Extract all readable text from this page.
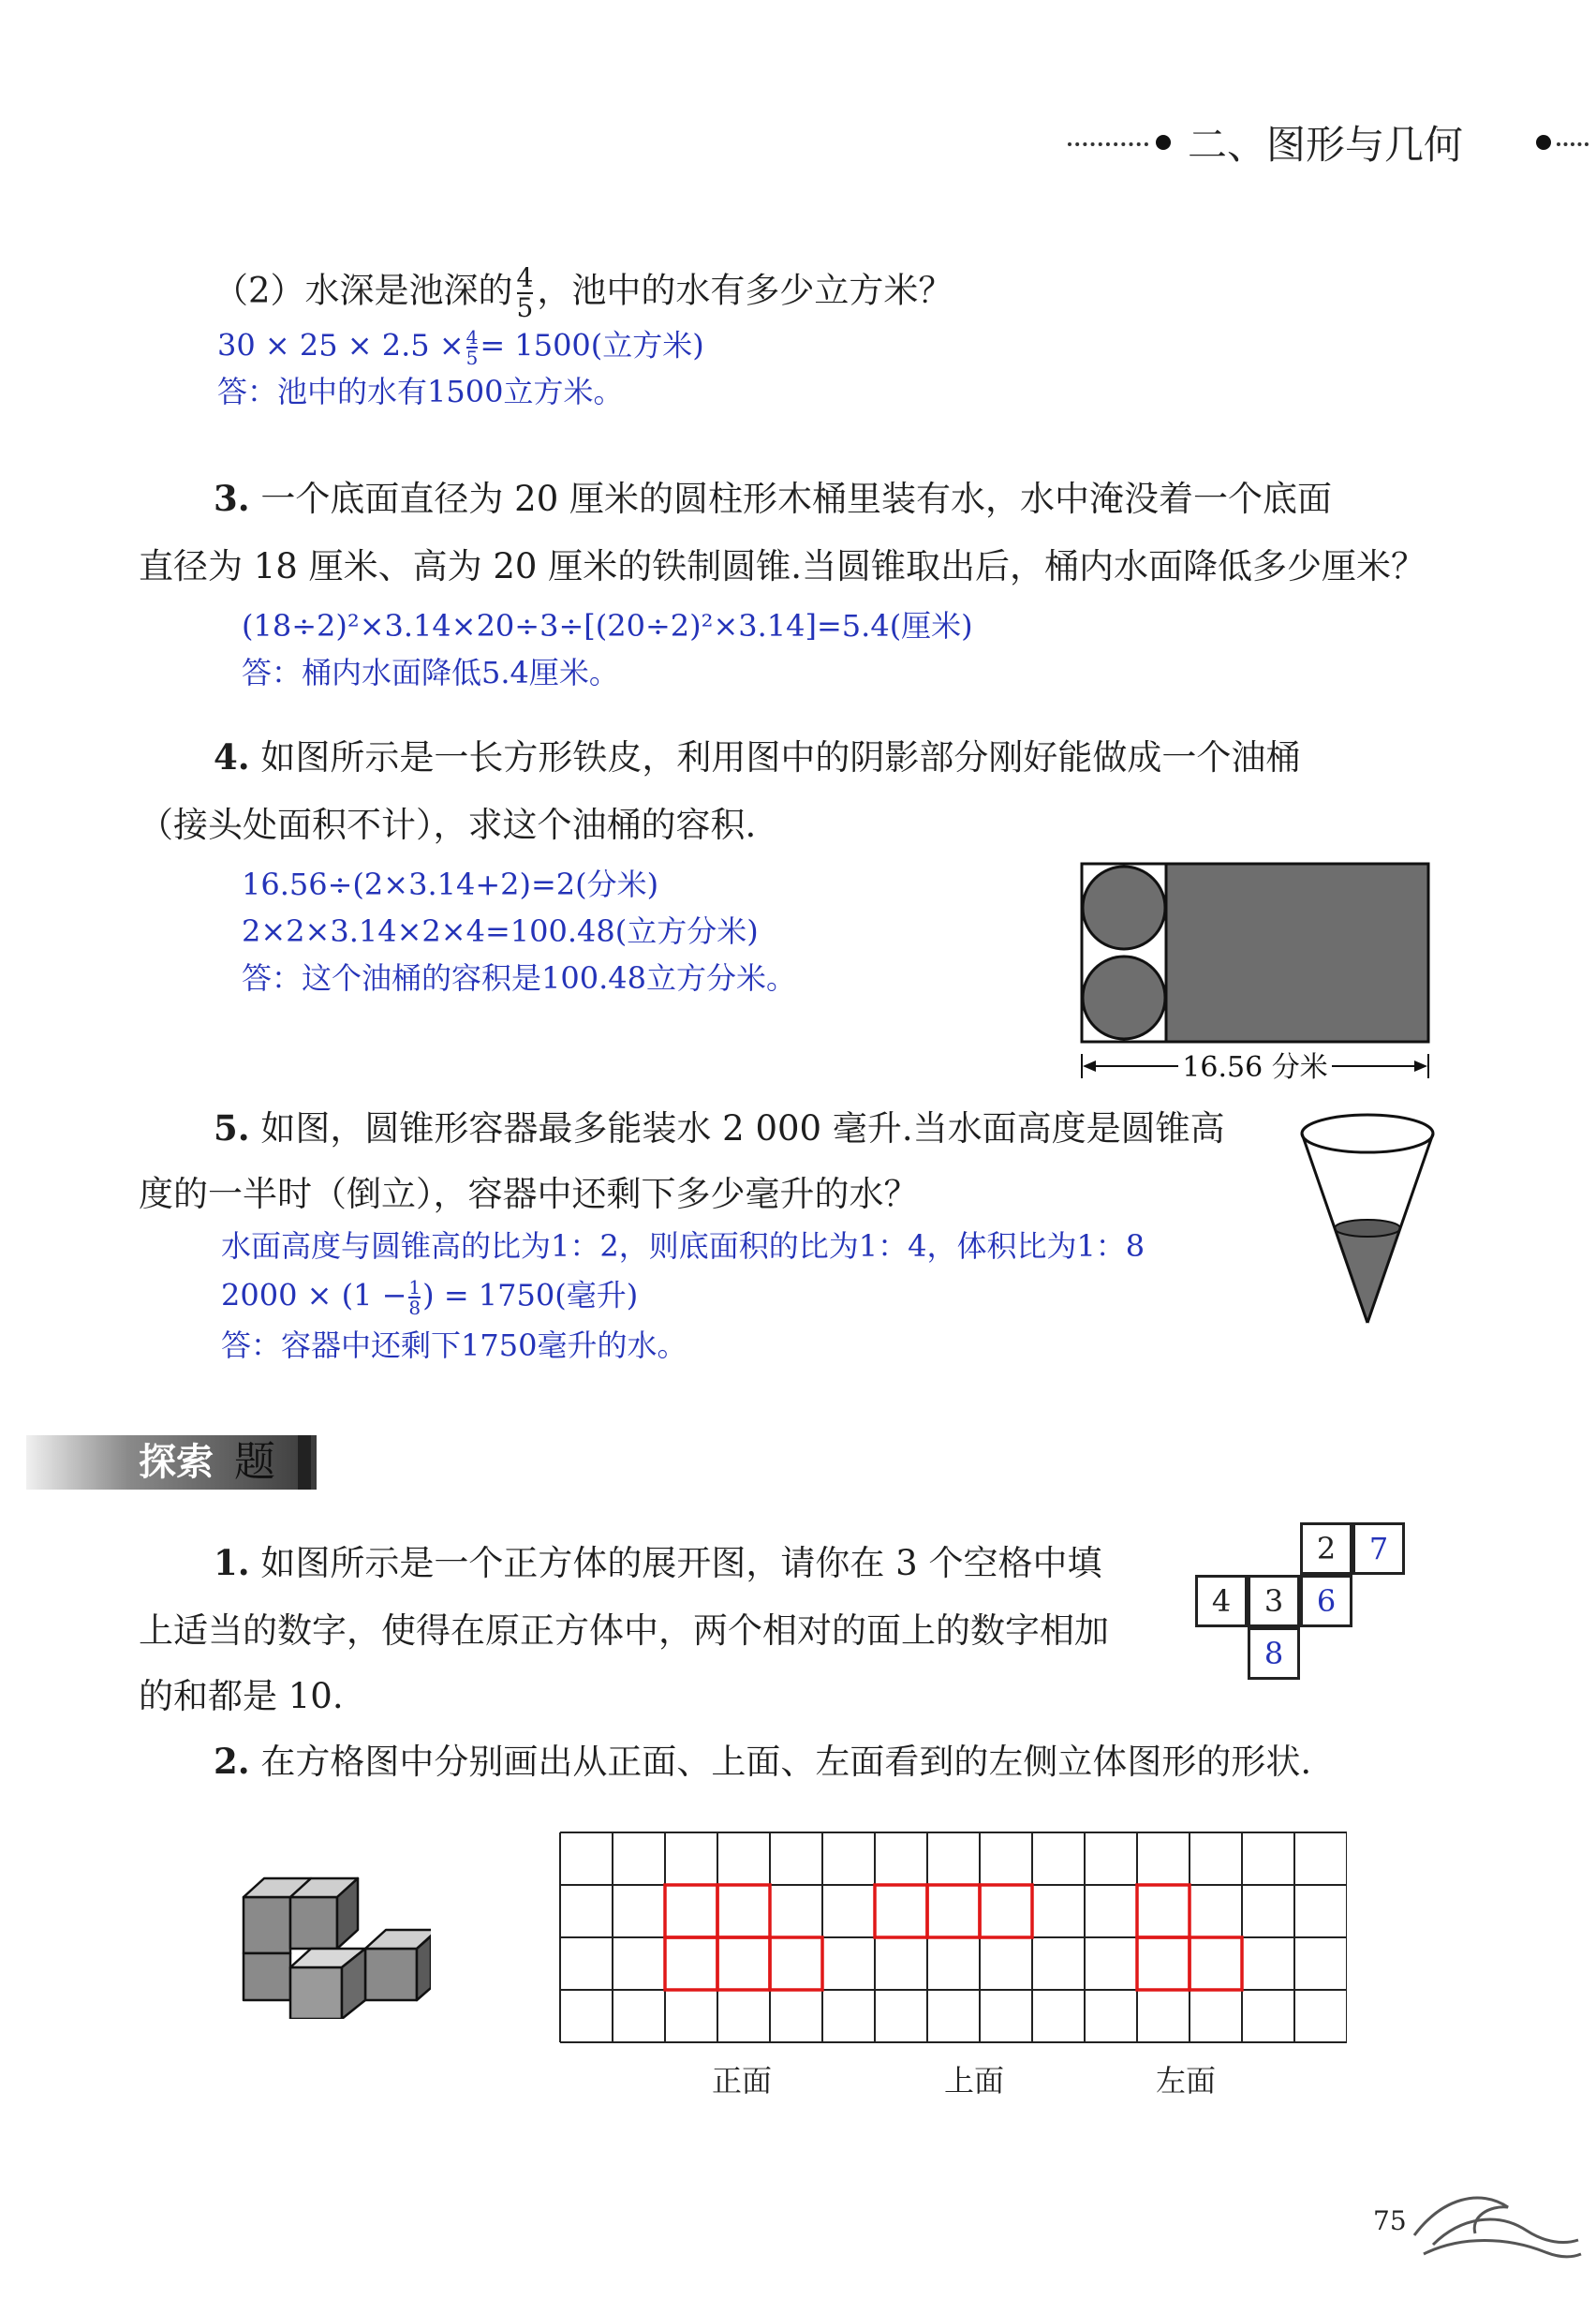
二、图形与几何
（2）水深是池深的 $\frac{4}{5}$ ，池中的水有多少立方米？
$30 \times 25 \times 2.5 \times \frac{4}{5} = 1500$(立方米)
答：池中的水有1500立方米。
3. 一个底面直径为 20 厘米的圆柱形木桶里装有水，水中淹没着一个底面
直径为 18 厘米、高为 20 厘米的铁制圆锥.当圆锥取出后，桶内水面降低多少厘米？
(18÷2)²×3.14×20÷3÷[(20÷2)²×3.14]=5.4(厘米)
答：桶内水面降低5.4厘米。
4. 如图所示是一长方形铁皮，利用图中的阴影部分刚好能做成一个油桶
（接头处面积不计），求这个油桶的容积.
16.56÷(2×3.14+2)=2(分米)
2×2×3.14×2×4=100.48(立方分米)
答：这个油桶的容积是100.48立方分米。
16.56 分米
5. 如图，圆锥形容器最多能装水 2 000 毫升.当水面高度是圆锥高
度的一半时（倒立），容器中还剩下多少毫升的水？
水面高度与圆锥高的比为1：2，则底面积的比为1：4，体积比为1：8
$2000 \times (1 - \frac{1}{8}$ ) = 1750(毫升)
答：容器中还剩下1750毫升的水。
探索 题
1. 如图所示是一个正方体的展开图，请你在 3 个空格中填
上适当的数字，使得在原正方体中，两个相对的面上的数字相加
的和都是 10.
2	7
4	3	6
8
2. 在方格图中分别画出从正面、上面、左面看到的左侧立体图形的形状.
正面	上面	左面
75
